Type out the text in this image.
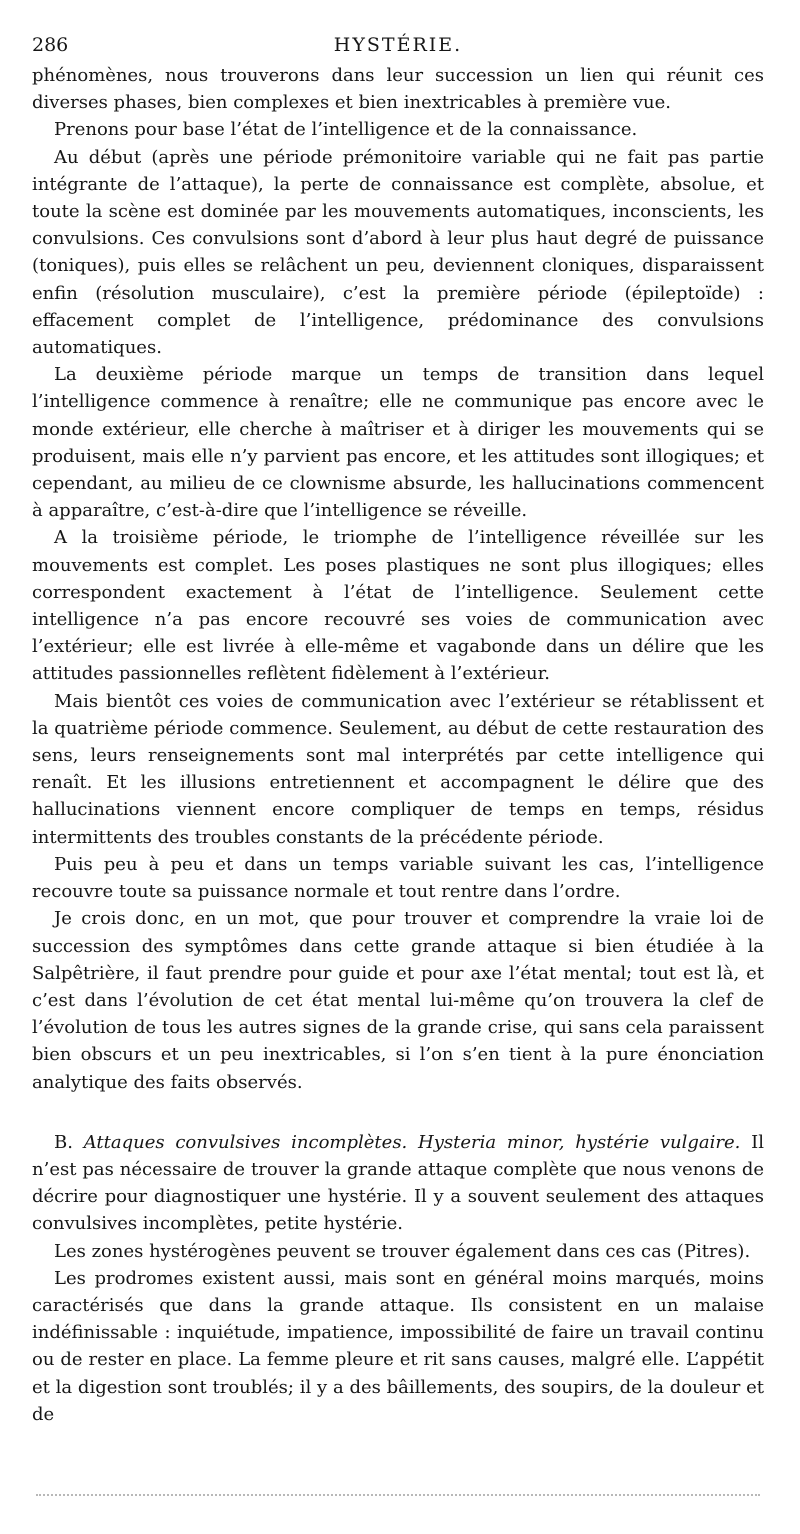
286	HYSTÉRIE.

phénomènes, nous trouverons dans leur succession un lien qui réunit ces diverses phases, bien complexes et bien inextricables à première vue.

Prenons pour base l’état de l’intelligence et de la connaissance.

Au début (après une période prémonitoire variable qui ne fait pas partie intégrante de l’attaque), la perte de connaissance est complète, absolue, et toute la scène est dominée par les mouvements automatiques, inconscients, les convulsions. Ces convulsions sont d’abord à leur plus haut degré de puissance (toniques), puis elles se relâchent un peu, deviennent cloniques, disparaissent enfin (résolution musculaire), c’est la première période (épileptoïde) : effacement complet de l’intelligence, prédominance des convulsions automatiques.

La deuxième période marque un temps de transition dans lequel l’intelligence commence à renaître; elle ne communique pas encore avec le monde extérieur, elle cherche à maîtriser et à diriger les mouvements qui se produisent, mais elle n’y parvient pas encore, et les attitudes sont illogiques; et cependant, au milieu de ce clownisme absurde, les hallucinations commencent à apparaître, c’est-à-dire que l’intelligence se réveille.

A la troisième période, le triomphe de l’intelligence réveillée sur les mouvements est complet. Les poses plastiques ne sont plus illogiques; elles correspondent exactement à l’état de l’intelligence. Seulement cette intelligence n’a pas encore recouvré ses voies de communication avec l’extérieur; elle est livrée à elle-même et vagabonde dans un délire que les attitudes passionnelles reflètent fidèlement à l’extérieur.

Mais bientôt ces voies de communication avec l’extérieur se rétablissent et la quatrième période commence. Seulement, au début de cette restauration des sens, leurs renseignements sont mal interprétés par cette intelligence qui renaît. Et les illusions entretiennent et accompagnent le délire que des hallucinations viennent encore compliquer de temps en temps, résidus intermittents des troubles constants de la précédente période.

Puis peu à peu et dans un temps variable suivant les cas, l’intelligence recouvre toute sa puissance normale et tout rentre dans l’ordre.

Je crois donc, en un mot, que pour trouver et comprendre la vraie loi de succession des symptômes dans cette grande attaque si bien étudiée à la Salpêtrière, il faut prendre pour guide et pour axe l’état mental; tout est là, et c’est dans l’évolution de cet état mental lui-même qu’on trouvera la clef de l’évolution de tous les autres signes de la grande crise, qui sans cela paraissent bien obscurs et un peu inextricables, si l’on s’en tient à la pure énonciation analytique des faits observés.

B. Attaques convulsives incomplètes. Hysteria minor, hystérie vulgaire. Il n’est pas nécessaire de trouver la grande attaque complète que nous venons de décrire pour diagnostiquer une hystérie. Il y a souvent seulement des attaques convulsives incomplètes, petite hystérie.

Les zones hystérogènes peuvent se trouver également dans ces cas (Pitres).

Les prodromes existent aussi, mais sont en général moins marqués, moins caractérisés que dans la grande attaque. Ils consistent en un malaise indéfinissable : inquiétude, impatience, impossibilité de faire un travail continu ou de rester en place. La femme pleure et rit sans causes, malgré elle. L’appétit et la digestion sont troublés; il y a des bâillements, des soupirs, de la douleur et de
